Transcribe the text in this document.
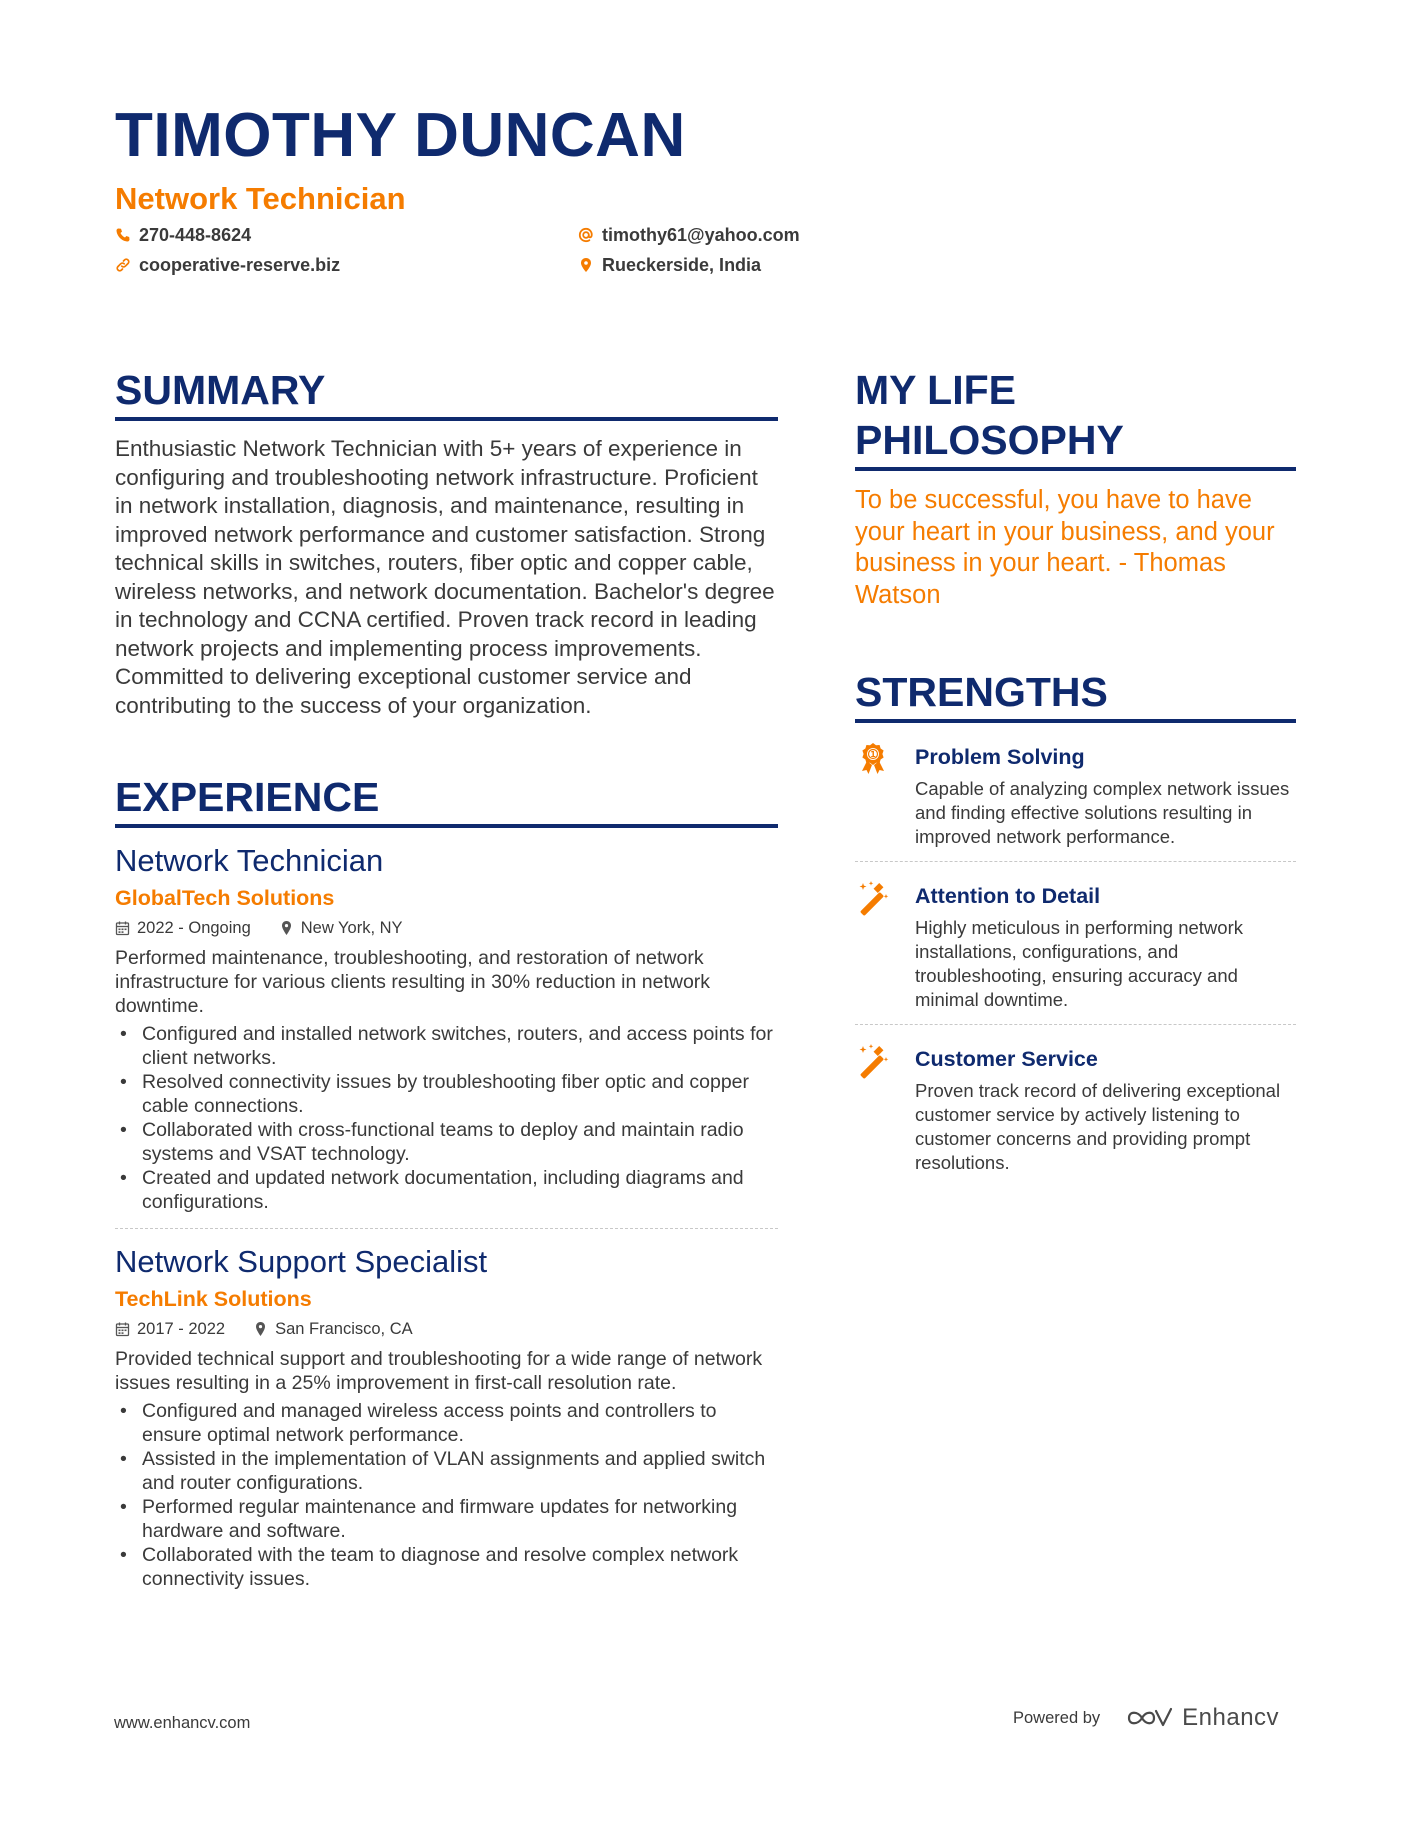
TIMOTHY DUNCAN
Network Technician
270-448-8624	timothy61@yahoo.com
cooperative-reserve.biz	Rueckerside, India
SUMMARY

Enthusiastic Network Technician with 5+ years of experience in configuring and troubleshooting network infrastructure. Proficient in network installation, diagnosis, and maintenance, resulting in improved network performance and customer satisfaction. Strong technical skills in switches, routers, fiber optic and copper cable, wireless networks, and network documentation. Bachelor's degree in technology and CCNA certified. Proven track record in leading network projects and implementing process improvements. Committed to delivering exceptional customer service and contributing to the success of your organization.

EXPERIENCE
Network Technician
GlobalTech Solutions
2022 - Ongoing	New York, NY

Performed maintenance, troubleshooting, and restoration of network infrastructure for various clients resulting in 30% reduction in network downtime.

• Configured and installed network switches, routers, and access points for client networks.
• Resolved connectivity issues by troubleshooting fiber optic and copper cable connections.
• Collaborated with cross-functional teams to deploy and maintain radio systems and VSAT technology.
• Created and updated network documentation, including diagrams and configurations.
Network Support Specialist
TechLink Solutions
2017 - 2022	San Francisco, CA

Provided technical support and troubleshooting for a wide range of network issues resulting in a 25% improvement in first-call resolution rate.

• Configured and managed wireless access points and controllers to ensure optimal network performance.
• Assisted in the implementation of VLAN assignments and applied switch and router configurations.
• Performed regular maintenance and firmware updates for networking hardware and software.
• Collaborated with the team to diagnose and resolve complex network connectivity issues.
MY LIFE PHILOSOPHY

To be successful, you have to have your heart in your business, and your business in your heart. - Thomas Watson

STRENGTHS
1 Problem Solving

Capable of analyzing complex network issues and finding effective solutions resulting in improved network performance.

Attention to Detail

Highly meticulous in performing network installations, configurations, and troubleshooting, ensuring accuracy and minimal downtime.

Customer Service

Proven track record of delivering exceptional customer service by actively listening to customer concerns and providing prompt resolutions.

www.enhancv.com	Powered by	Enhancv
